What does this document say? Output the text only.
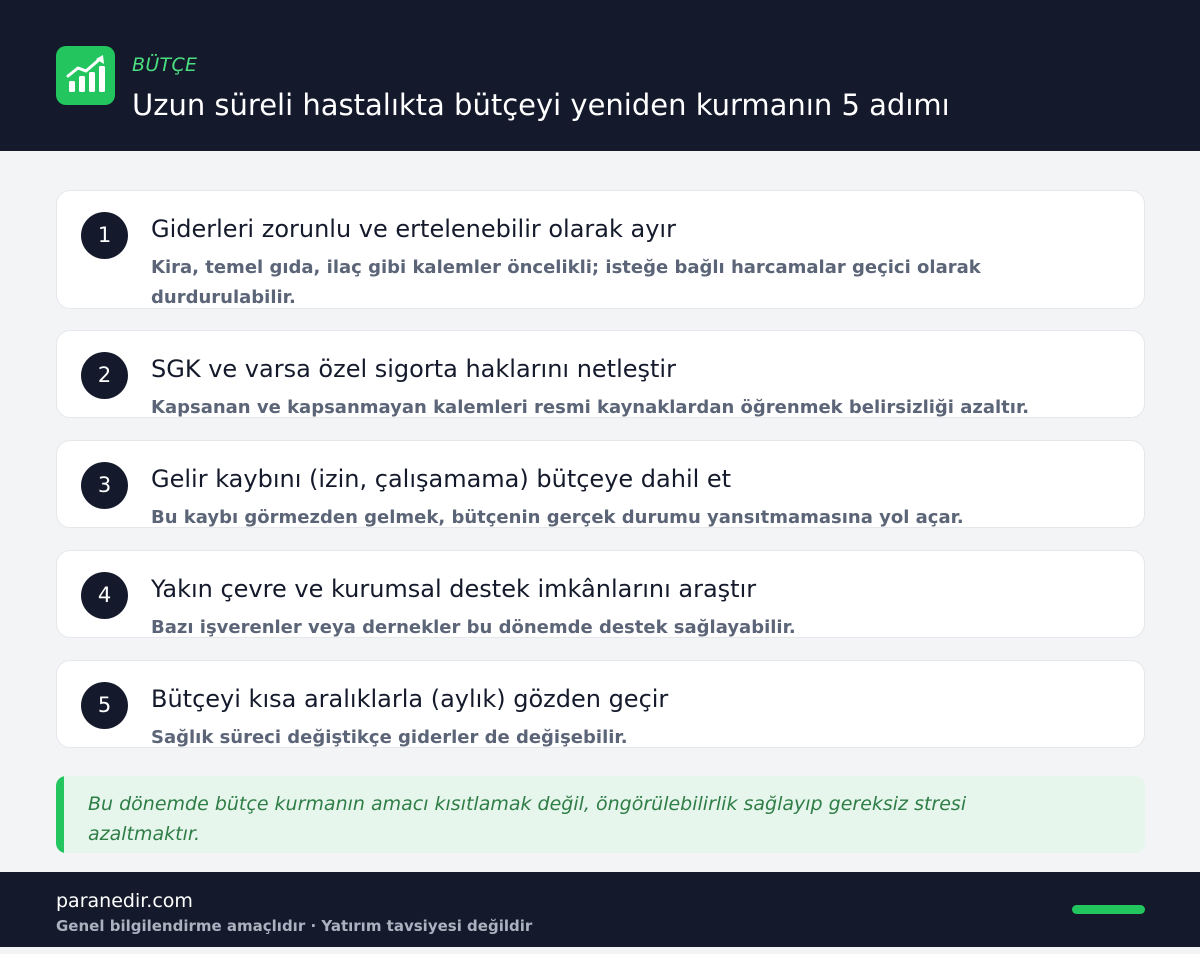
BÜTÇE
Uzun süreli hastalıkta bütçeyi yeniden kurmanın 5 adımı
1	Giderleri zorunlu ve ertelenebilir olarak ayır
Kira, temel gıda, ilaç gibi kalemler öncelikli; isteğe bağlı harcamalar geçici olarak durdurulabilir.
2	SGK ve varsa özel sigorta haklarını netleştir
Kapsanan ve kapsanmayan kalemleri resmi kaynaklardan öğrenmek belirsizliği azaltır.
3	Gelir kaybını (izin, çalışamama) bütçeye dahil et
Bu kaybı görmezden gelmek, bütçenin gerçek durumu yansıtmamasına yol açar.
4	Yakın çevre ve kurumsal destek imkânlarını araştır
Bazı işverenler veya dernekler bu dönemde destek sağlayabilir.
5	Bütçeyi kısa aralıklarla (aylık) gözden geçir
Sağlık süreci değiştikçe giderler de değişebilir.
Bu dönemde bütçe kurmanın amacı kısıtlamak değil, öngörülebilirlik sağlayıp gereksiz stresi azaltmaktır.
paranedir.com
Genel bilgilendirme amaçlıdır · Yatırım tavsiyesi değildir
